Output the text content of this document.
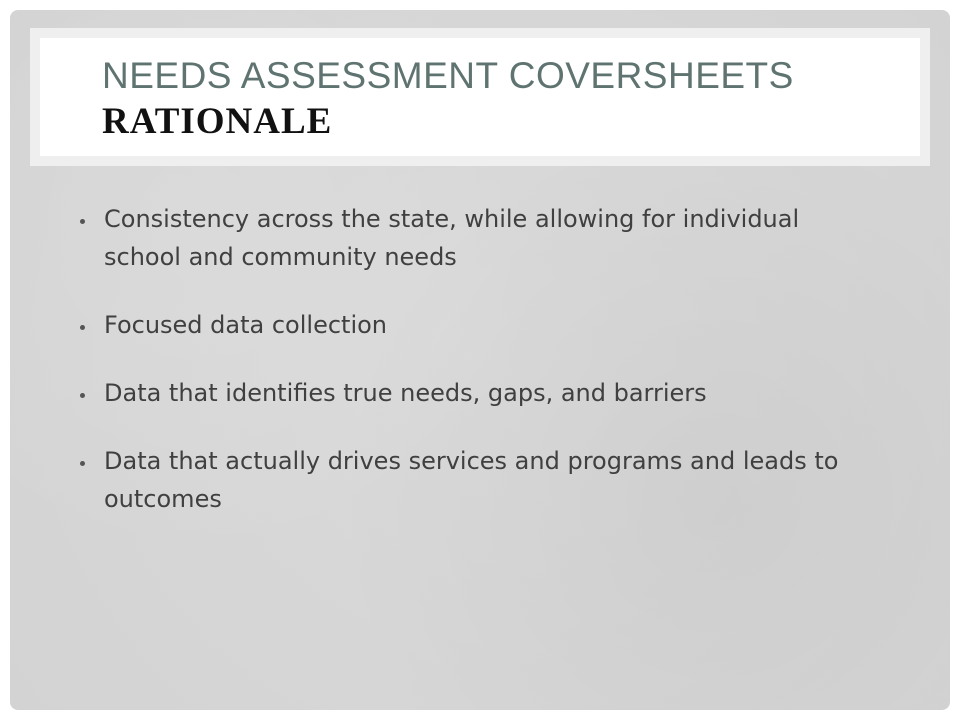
NEEDS ASSESSMENT COVERSHEETS
RATIONALE
Consistency across the state, while allowing for individual school and community needs
Focused data collection
Data that identifies true needs, gaps, and barriers
Data that actually drives services and programs and leads to outcomes
